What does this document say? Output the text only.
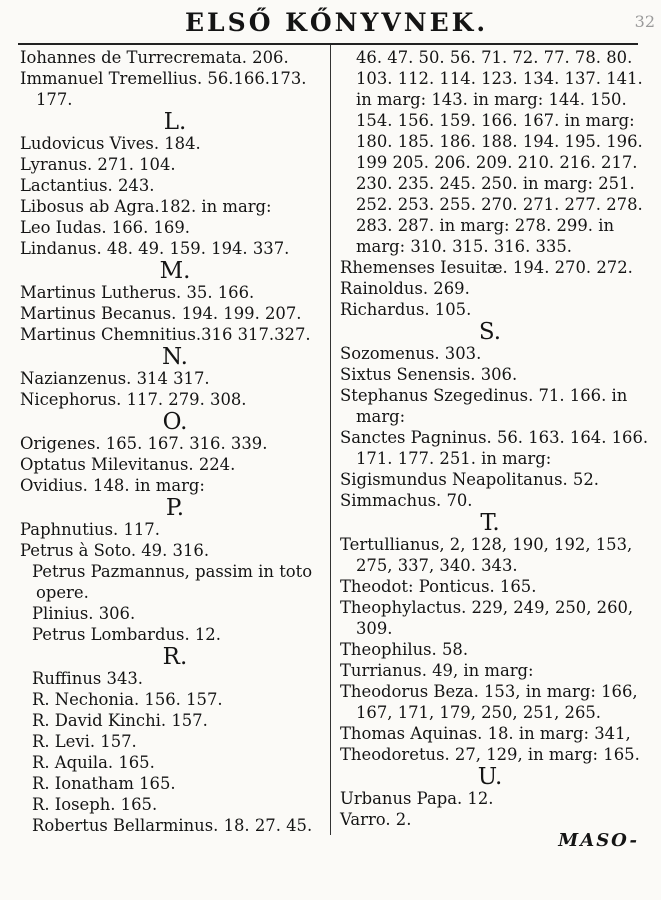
ELSŐ KŐNYVNEK.	32
Iohannes de Turrecremata. 206.
Immanuel Tremellius. 56.166.173.
177.
L.
Ludovicus Vives. 184.
Lyranus. 271. 104.
Lactantius. 243.
Libosus ab Agra.182. in marg:
Leo Iudas. 166. 169.
Lindanus. 48. 49. 159. 194. 337.
M.
Martinus Lutherus. 35. 166.
Martinus Becanus. 194. 199. 207.
Martinus Chemnitius.316 317.327.
N.
Nazianzenus. 314 317.
Nicephorus. 117. 279. 308.
O.
Origenes. 165. 167. 316. 339.
Optatus Milevitanus. 224.
Ovidius. 148. in marg:
P.
Paphnutius. 117.
Petrus à Soto. 49. 316.
Petrus Pazmannus, passim in toto
opere.
Plinius. 306.
Petrus Lombardus. 12.
R.
Ruffinus 343.
R. Nechonia. 156. 157.
R. David Kinchi. 157.
R. Levi. 157.
R. Aquila. 165.
R. Ionatham 165.
R. Ioseph. 165.
Robertus Bellarminus. 18. 27. 45.
46. 47. 50. 56. 71. 72. 77. 78. 80.
103. 112. 114. 123. 134. 137. 141.
in marg: 143. in marg: 144. 150.
154. 156. 159. 166. 167. in marg:
180. 185. 186. 188. 194. 195. 196.
199 205. 206. 209. 210. 216. 217.
230. 235. 245. 250. in marg: 251.
252. 253. 255. 270. 271. 277. 278.
283. 287. in marg: 278. 299. in
marg: 310. 315. 316. 335.
Rhemenses Iesuitæ. 194. 270. 272.
Rainoldus. 269.
Richardus. 105.
S.
Sozomenus. 303.
Sixtus Senensis. 306.
Stephanus Szegedinus. 71. 166. in
marg:
Sanctes Pagninus. 56. 163. 164. 166.
171. 177. 251. in marg:
Sigismundus Neapolitanus. 52.
Simmachus. 70.
T.
Tertullianus, 2, 128, 190, 192, 153,
275, 337, 340. 343.
Theodot: Ponticus. 165.
Theophylactus. 229, 249, 250, 260,
309.
Theophilus. 58.
Turrianus. 49, in marg:
Theodorus Beza. 153, in marg: 166,
167, 171, 179, 250, 251, 265.
Thomas Aquinas. 18. in marg: 341,
Theodoretus. 27, 129, in marg: 165.
U.
Urbanus Papa. 12.
Varro. 2.
MASO-
